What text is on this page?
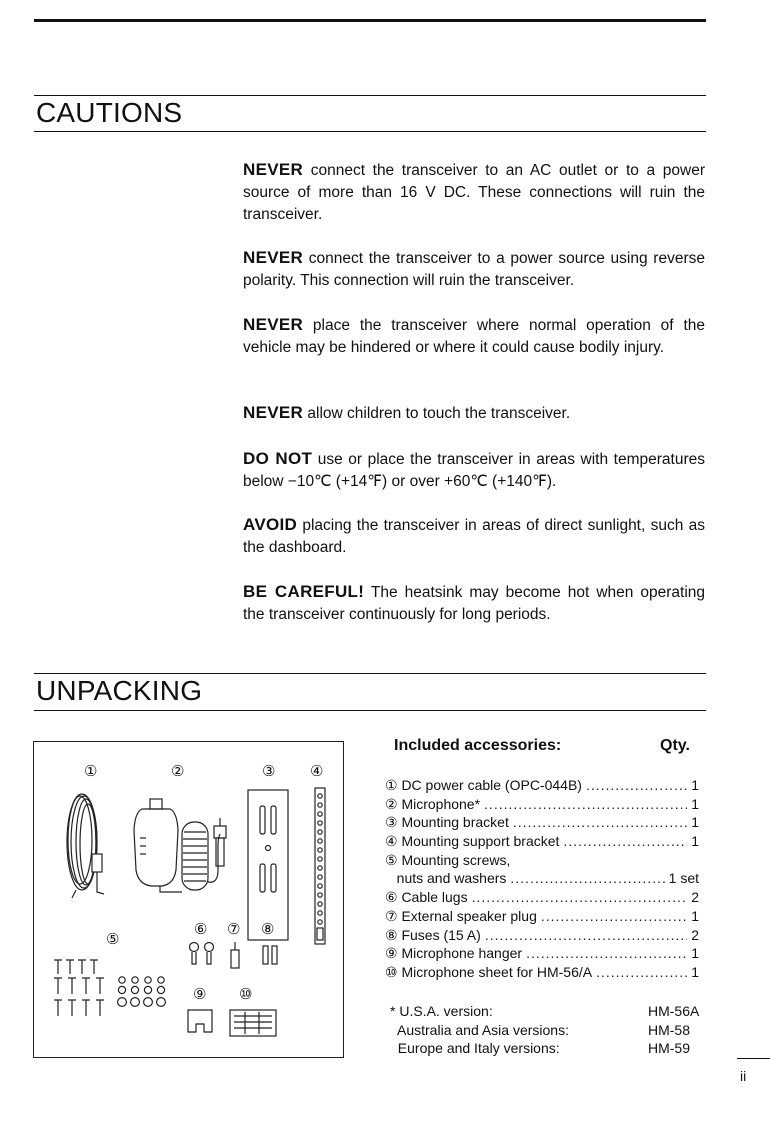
CAUTIONS

NEVER connect the transceiver to an AC outlet or to a power source of more than 16 V DC. These connections will ruin the transceiver.

NEVER connect the transceiver to a power source using reverse polarity. This connection will ruin the transceiver.

NEVER place the transceiver where normal operation of the vehicle may be hindered or where it could cause bodily injury.

NEVER allow children to touch the transceiver.

DO NOT use or place the transceiver in areas with temperatures below −10℃ (+14℉) or over +60℃ (+140℉).

AVOID placing the transceiver in areas of direct sunlight, such as the dashboard.

BE CAREFUL! The heatsink may become hot when operating the transceiver continuously for long periods.

UNPACKING
①	②	③ ④
⑤
⑥ ⑦ ⑧
⑨ ⑩
Included accessories:	Qty.
① DC power cable (OPC-044B) .....	1
② Microphone* .....	1
③ Mounting bracket .....	1
④ Mounting support bracket .....	1
⑤ Mounting screws,
nuts and washers .....	1 set
⑥ Cable lugs .....	2
⑦ External speaker plug .....	1
⑧ Fuses (15 A) .....	2
⑨ Microphone hanger .....	1
⑩ Microphone sheet for HM-56/A .....	1
* U.S.A. version:	HM-56A
Australia and Asia versions:	HM-58
Europe and Italy versions:	HM-59
ii
